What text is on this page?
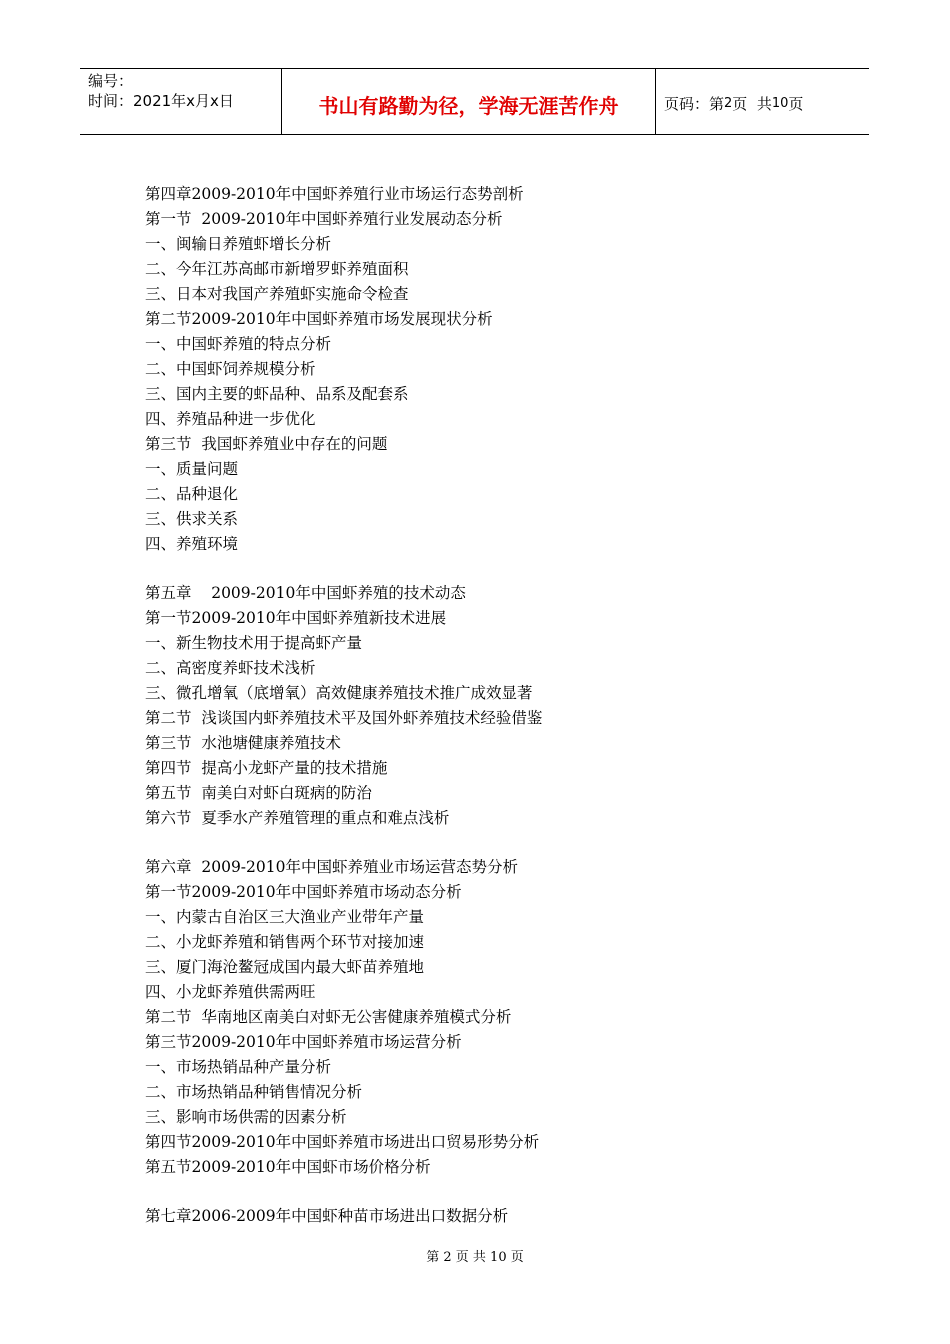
编号：
时间：2021年x月x日	书山有路勤为径，学海无涯苦作舟	页码：第 2 页  共 10 页
第四章2009-2010年中国虾养殖行业市场运行态势剖析
第一节  2009-2010年中国虾养殖行业发展动态分析
一、闽输日养殖虾增长分析
二、今年江苏高邮市新增罗虾养殖面积
三、日本对我国产养殖虾实施命令检查
第二节2009-2010年中国虾养殖市场发展现状分析
一、中国虾养殖的特点分析
二、中国虾饲养规模分析
三、国内主要的虾品种、品系及配套系
四、养殖品种进一步优化
第三节  我国虾养殖业中存在的问题
一、质量问题
二、品种退化
三、供求关系
四、养殖环境
第五章    2009-2010年中国虾养殖的技术动态
第一节2009-2010年中国虾养殖新技术进展
一、新生物技术用于提高虾产量
二、高密度养虾技术浅析
三、微孔增氧（底增氧）高效健康养殖技术推广成效显著
第二节  浅谈国内虾养殖技术平及国外虾养殖技术经验借鉴
第三节  水池塘健康养殖技术
第四节  提高小龙虾产量的技术措施
第五节  南美白对虾白斑病的防治
第六节  夏季水产养殖管理的重点和难点浅析
第六章  2009-2010年中国虾养殖业市场运营态势分析
第一节2009-2010年中国虾养殖市场动态分析
一、内蒙古自治区三大渔业产业带年产量
二、小龙虾养殖和销售两个环节对接加速
三、厦门海沧鳌冠成国内最大虾苗养殖地
四、小龙虾养殖供需两旺
第二节  华南地区南美白对虾无公害健康养殖模式分析
第三节2009-2010年中国虾养殖市场运营分析
一、市场热销品种产量分析
二、市场热销品种销售情况分析
三、影响市场供需的因素分析
第四节2009-2010年中国虾养殖市场进出口贸易形势分析
第五节2009-2010年中国虾市场价格分析
第七章2006-2009年中国虾种苗市场进出口数据分析
第 2 页 共 10 页
